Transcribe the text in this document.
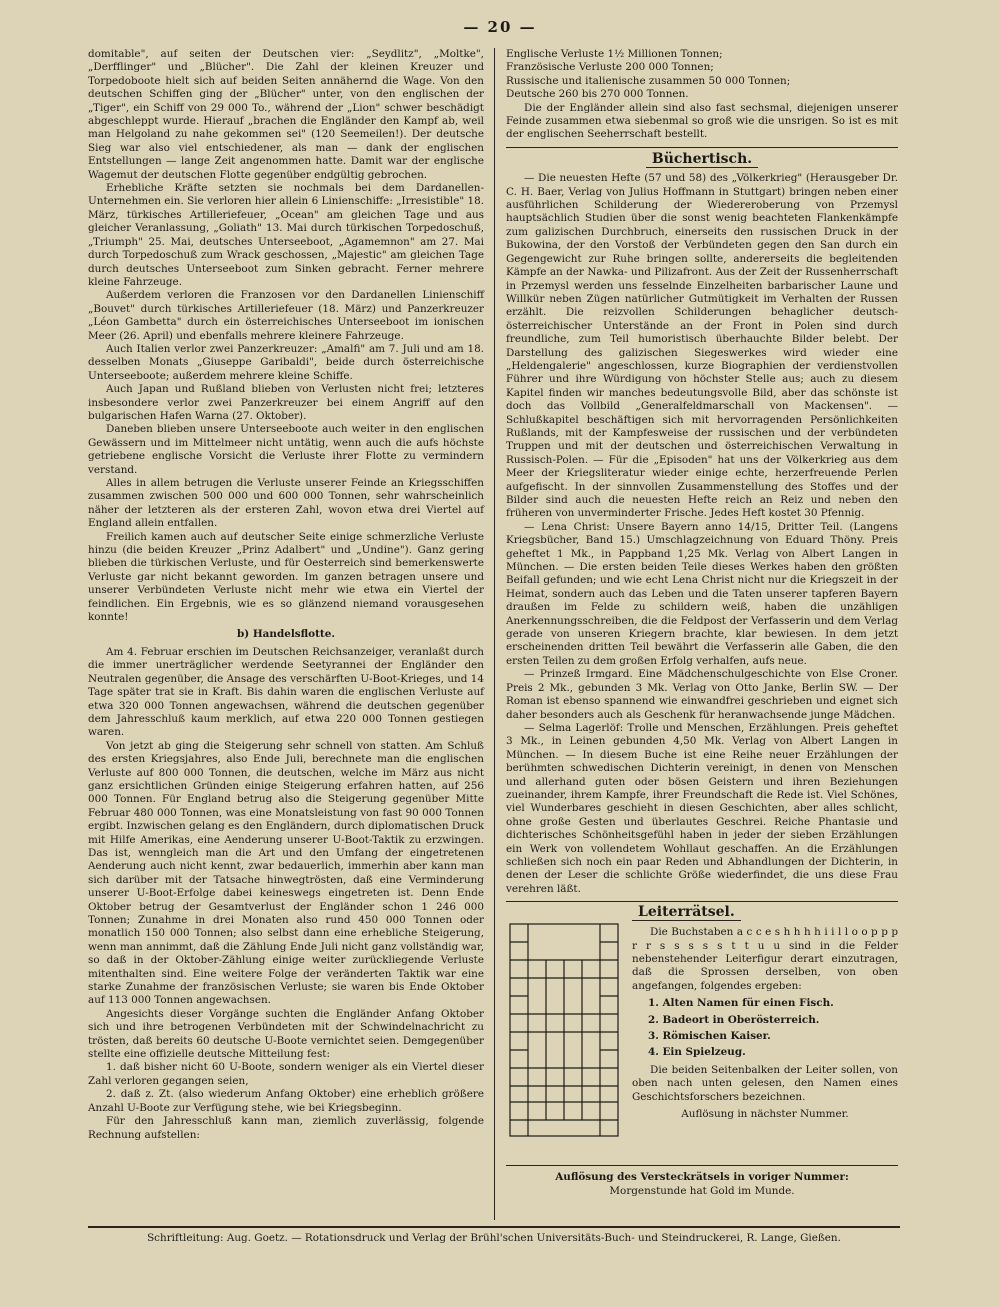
— 20 —

domitable", auf seiten der Deutschen vier: „Seydlitz", „Moltke", „Derfflinger" und „Blücher". Die Zahl der kleinen Kreuzer und Torpedoboote hielt sich auf beiden Seiten annähernd die Wage. Von den deutschen Schiffen ging der „Blücher" unter, von den englischen der „Tiger", ein Schiff von 29 000 To., während der „Lion" schwer beschädigt abgeschleppt wurde. Hierauf „brachen die Engländer den Kampf ab, weil man Helgoland zu nahe gekommen sei" (120 Seemeilen!). Der deutsche Sieg war also viel entschiedener, als man — dank der englischen Entstellungen — lange Zeit angenommen hatte. Damit war der englische Wagemut der deutschen Flotte gegenüber endgültig gebrochen.

Erhebliche Kräfte setzten sie nochmals bei dem Dardanellen-Unternehmen ein. Sie verloren hier allein 6 Linienschiffe: „Irresistible" 18. März, türkisches Artilleriefeuer, „Ocean" am gleichen Tage und aus gleicher Veranlassung, „Goliath" 13. Mai durch türkischen Torpedoschuß, „Triumph" 25. Mai, deutsches Unterseeboot, „Agamemnon" am 27. Mai durch Torpedoschuß zum Wrack geschossen, „Majestic" am gleichen Tage durch deutsches Unterseeboot zum Sinken gebracht. Ferner mehrere kleine Fahrzeuge.

Außerdem verloren die Franzosen vor den Dardanellen Linienschiff „Bouvet" durch türkisches Artilleriefeuer (18. März) und Panzerkreuzer „Léon Gambetta" durch ein österreichisches Unterseeboot im ionischen Meer (26. April) und ebenfalls mehrere kleinere Fahrzeuge.

Auch Italien verlor zwei Panzerkreuzer: „Amalfi" am 7. Juli und am 18. desselben Monats „Giuseppe Garibaldi", beide durch österreichische Unterseeboote; außerdem mehrere kleine Schiffe.

Auch Japan und Rußland blieben von Verlusten nicht frei; letzteres insbesondere verlor zwei Panzerkreuzer bei einem Angriff auf den bulgarischen Hafen Warna (27. Oktober).

Daneben blieben unsere Unterseeboote auch weiter in den englischen Gewässern und im Mittelmeer nicht untätig, wenn auch die aufs höchste getriebene englische Vorsicht die Verluste ihrer Flotte zu vermindern verstand.

Alles in allem betrugen die Verluste unserer Feinde an Kriegsschiffen zusammen zwischen 500 000 und 600 000 Tonnen, sehr wahrscheinlich näher der letzteren als der ersteren Zahl, wovon etwa drei Viertel auf England allein entfallen.

Freilich kamen auch auf deutscher Seite einige schmerzliche Verluste hinzu (die beiden Kreuzer „Prinz Adalbert" und „Undine"). Ganz gering blieben die türkischen Verluste, und für Oesterreich sind bemerkenswerte Verluste gar nicht bekannt geworden. Im ganzen betragen unsere und unserer Verbündeten Verluste nicht mehr wie etwa ein Viertel der feindlichen. Ein Ergebnis, wie es so glänzend niemand vorausgesehen konnte!

b) Handelsflotte.

Am 4. Februar erschien im Deutschen Reichsanzeiger, veranlaßt durch die immer unerträglicher werdende Seetyrannei der Engländer den Neutralen gegenüber, die Ansage des verschärften U-Boot-Krieges, und 14 Tage später trat sie in Kraft. Bis dahin waren die englischen Verluste auf etwa 320 000 Tonnen angewachsen, während die deutschen gegenüber dem Jahresschluß kaum merklich, auf etwa 220 000 Tonnen gestiegen waren.

Von jetzt ab ging die Steigerung sehr schnell von statten. Am Schluß des ersten Kriegsjahres, also Ende Juli, berechnete man die englischen Verluste auf 800 000 Tonnen, die deutschen, welche im März aus nicht ganz ersichtlichen Gründen einige Steigerung erfahren hatten, auf 256 000 Tonnen. Für England betrug also die Steigerung gegenüber Mitte Februar 480 000 Tonnen, was eine Monatsleistung von fast 90 000 Tonnen ergibt. Inzwischen gelang es den Engländern, durch diplomatischen Druck mit Hilfe Amerikas, eine Aenderung unserer U-Boot-Taktik zu erzwingen. Das ist, wenngleich man die Art und den Umfang der eingetretenen Aenderung auch nicht kennt, zwar bedauerlich, immerhin aber kann man sich darüber mit der Tatsache hinwegtrösten, daß eine Verminderung unserer U-Boot-Erfolge dabei keineswegs eingetreten ist. Denn Ende Oktober betrug der Gesamtverlust der Engländer schon 1 246 000 Tonnen; Zunahme in drei Monaten also rund 450 000 Tonnen oder monatlich 150 000 Tonnen; also selbst dann eine erhebliche Steigerung, wenn man annimmt, daß die Zählung Ende Juli nicht ganz vollständig war, so daß in der Oktober-Zählung einige weiter zurückliegende Verluste mitenthalten sind. Eine weitere Folge der veränderten Taktik war eine starke Zunahme der französischen Verluste; sie waren bis Ende Oktober auf 113 000 Tonnen angewachsen.

Angesichts dieser Vorgänge suchten die Engländer Anfang Oktober sich und ihre betrogenen Verbündeten mit der Schwindelnachricht zu trösten, daß bereits 60 deutsche U-Boote vernichtet seien. Demgegenüber stellte eine offizielle deutsche Mitteilung fest:

1. daß bisher nicht 60 U-Boote, sondern weniger als ein Viertel dieser Zahl verloren gegangen seien,

2. daß z. Zt. (also wiederum Anfang Oktober) eine erheblich größere Anzahl U-Boote zur Verfügung stehe, wie bei Kriegsbeginn.

Für den Jahresschluß kann man, ziemlich zuverlässig, folgende Rechnung aufstellen:

Englische Verluste 1½ Millionen Tonnen;

Französische Verluste 200 000 Tonnen;

Russische und italienische zusammen 50 000 Tonnen;

Deutsche 260 bis 270 000 Tonnen.

Die der Engländer allein sind also fast sechsmal, diejenigen unserer Feinde zusammen etwa siebenmal so groß wie die unsrigen. So ist es mit der englischen Seeherrschaft bestellt.

Büchertisch.

— Die neuesten Hefte (57 und 58) des „Völkerkrieg" (Herausgeber Dr. C. H. Baer, Verlag von Julius Hoffmann in Stuttgart) bringen neben einer ausführlichen Schilderung der Wiedereroberung von Przemysl hauptsächlich Studien über die sonst wenig beachteten Flankenkämpfe zum galizischen Durchbruch, einerseits den russischen Druck in der Bukowina, der den Vorstoß der Verbündeten gegen den San durch ein Gegengewicht zur Ruhe bringen sollte, andererseits die begleitenden Kämpfe an der Nawka- und Pilizafront. Aus der Zeit der Russenherrschaft in Przemysl werden uns fesselnde Einzelheiten barbarischer Laune und Willkür neben Zügen natürlicher Gutmütigkeit im Verhalten der Russen erzählt. Die reizvollen Schilderungen behaglicher deutsch-österreichischer Unterstände an der Front in Polen sind durch freundliche, zum Teil humoristisch überhauchte Bilder belebt. Der Darstellung des galizischen Siegeswerkes wird wieder eine „Heldengalerie" angeschlossen, kurze Biographien der verdienstvollen Führer und ihre Würdigung von höchster Stelle aus; auch zu diesem Kapitel finden wir manches bedeutungsvolle Bild, aber das schönste ist doch das Vollbild „Generalfeldmarschall von Mackensen". — Schlußkapitel beschäftigen sich mit hervorragenden Persönlichkeiten Rußlands, mit der Kampfesweise der russischen und der verbündeten Truppen und mit der deutschen und österreichischen Verwaltung in Russisch-Polen. — Für die „Episoden" hat uns der Völkerkrieg aus dem Meer der Kriegsliteratur wieder einige echte, herzerfreuende Perlen aufgefischt. In der sinnvollen Zusammenstellung des Stoffes und der Bilder sind auch die neuesten Hefte reich an Reiz und neben den früheren von unverminderter Frische. Jedes Heft kostet 30 Pfennig.

— Lena Christ: Unsere Bayern anno 14/15, Dritter Teil. (Langens Kriegsbücher, Band 15.) Umschlagzeichnung von Eduard Thöny. Preis geheftet 1 Mk., in Pappband 1,25 Mk. Verlag von Albert Langen in München. — Die ersten beiden Teile dieses Werkes haben den größten Beifall gefunden; und wie echt Lena Christ nicht nur die Kriegszeit in der Heimat, sondern auch das Leben und die Taten unserer tapferen Bayern draußen im Felde zu schildern weiß, haben die unzähligen Anerkennungsschreiben, die die Feldpost der Verfasserin und dem Verlag gerade von unseren Kriegern brachte, klar bewiesen. In dem jetzt erscheinenden dritten Teil bewährt die Verfasserin alle Gaben, die den ersten Teilen zu dem großen Erfolg verhalfen, aufs neue.

— Prinzeß Irmgard. Eine Mädchenschulgeschichte von Else Croner. Preis 2 Mk., gebunden 3 Mk. Verlag von Otto Janke, Berlin SW. — Der Roman ist ebenso spannend wie einwandfrei geschrieben und eignet sich daher besonders auch als Geschenk für heranwachsende junge Mädchen.

— Selma Lagerlöf: Trolle und Menschen, Erzählungen. Preis geheftet 3 Mk., in Leinen gebunden 4,50 Mk. Verlag von Albert Langen in München. — In diesem Buche ist eine Reihe neuer Erzählungen der berühmten schwedischen Dichterin vereinigt, in denen von Menschen und allerhand guten oder bösen Geistern und ihren Beziehungen zueinander, ihrem Kampfe, ihrer Freundschaft die Rede ist. Viel Schönes, viel Wunderbares geschieht in diesen Geschichten, aber alles schlicht, ohne große Gesten und überlautes Geschrei. Reiche Phantasie und dichterisches Schönheitsgefühl haben in jeder der sieben Erzählungen ein Werk von vollendetem Wohllaut geschaffen. An die Erzählungen schließen sich noch ein paar Reden und Abhandlungen der Dichterin, in denen der Leser die schlichte Größe wiederfindet, die uns diese Frau verehren läßt.

Leiterrätsel.

Die Buchstaben a c c e s h h h h i i l l o o p p p r r s s s s s t t u u sind in die Felder nebenstehender Leiterfigur derart einzutragen, daß die Sprossen derselben, von oben angefangen, folgendes ergeben:

1. Alten Namen für einen Fisch.
2. Badeort in Oberösterreich.
3. Römischen Kaiser.
4. Ein Spielzeug.

Die beiden Seitenbalken der Leiter sollen, von oben nach unten gelesen, den Namen eines Geschichtsforschers bezeichnen.

Auflösung in nächster Nummer.

Auflösung des Versteckrätsels in voriger Nummer:

Morgenstunde hat Gold im Munde.

Schriftleitung: Aug. Goetz. — Rotationsdruck und Verlag der Brühl'schen Universitäts-Buch- und Steindruckerei, R. Lange, Gießen.
